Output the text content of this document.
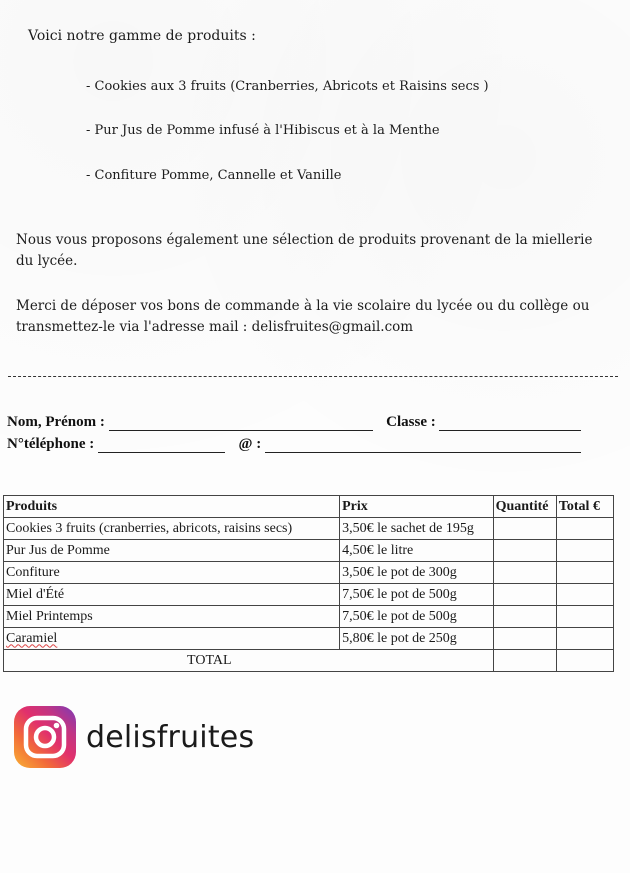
Voici notre gamme de produits :
- Cookies aux 3 fruits (Cranberries, Abricots et Raisins secs )
- Pur Jus de Pomme infusé à l'Hibiscus et à la Menthe
- Confiture Pomme, Cannelle et Vanille
Nous vous proposons également une sélection de produits provenant de la miellerie du lycée.
Merci de déposer vos bons de commande à la vie scolaire du lycée ou du collège ou transmettez-le via l'adresse mail : delisfruites@gmail.com
Nom, Prénom :	Classe :
N°téléphone :	@ :
Produits	Prix	Quantité	Total €
Cookies 3 fruits (cranberries, abricots, raisins secs)	3,50€ le sachet de 195g		
Pur Jus de Pomme	4,50€ le litre		
Confiture	3,50€ le pot de 300g		
Miel d'Été	7,50€ le pot de 500g		
Miel Printemps	7,50€ le pot de 500g		
Caramiel	5,80€ le pot de 250g		
TOTAL			
delisfruites
